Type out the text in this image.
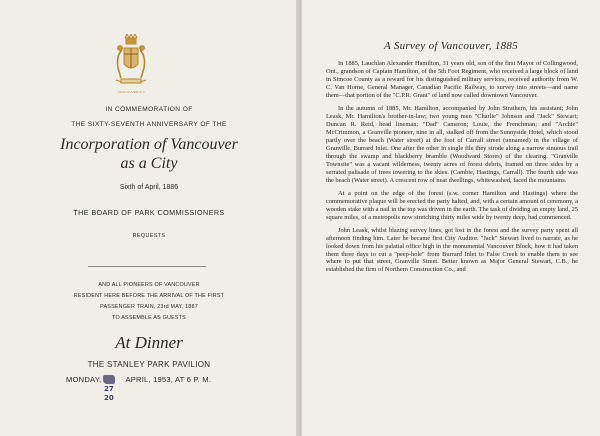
VANCOUVER B.C.
IN COMMEMORATION OF
THE SIXTY-SEVENTH ANNIVERSARY OF THE
Incorporation of Vancouver
as a City
Sixth of April, 1886
THE BOARD OF PARK COMMISSIONERS
REQUESTS
AND ALL PIONEERS OF VANCOUVER
RESIDENT HERE BEFORE THE ARRIVAL OF THE FIRST
PASSENGER TRAIN, 23rd MAY, 1887
TO ASSEMBLE AS GUESTS
At Dinner
THE STANLEY PARK PAVILION
MONDAY,	APRIL, 1953, AT 6 P. M.
27
20
A Survey of Vancouver, 1885

In 1885, Lauchlan Alexander Hamilton, 31 years old, son of the first Mayor of Collingwood, Ont., grandson of Captain Hamilton, of the 5th Foot Regiment, who received a large block of land in Simcoe County as a reward for his distinguished military services, received authority from W. C. Van Horne, General Manager, Canadian Pacific Railway, to survey into streets—and name them—that portion of the "C.P.R. Grant" of land now called downtown Vancouver.

In the autumn of 1885, Mr. Hamilton, accompanied by John Strathern, his assistant; John Leask, Mr. Hamilton's brother-in-law; two young men "Charlie" Johnson and "Jack" Stewart; Duncan R. Reid, head lineman; "Dad" Cameron; Louie, the Frenchman; and "Archie" McCrimmon, a Granville pioneer, nine in all, stalked off from the Sunnyside Hotel, which stood partly over the beach (Water street) at the foot of Carrall street (unnamed) in the village of Granville, Burrard Inlet. One after the other in single file they strode along a narrow sinuous trail through the swamp and blackberry bramble (Woodward Stores) of the clearing. "Granville Townsite" was a vacant wilderness, twenty acres of forest debris, framed on three sides by a serrated palisade of trees towering to the skies. (Cambie, Hastings, Carrall). The fourth side was the beach (Water street). A crescent row of neat dwellings, whitewashed, faced the mountains.

At a point on the edge of the forest (s.w. corner Hamilton and Hastings) where the commemorative plaque will be erected the party halted, and, with a certain amount of ceremony, a wooden stake with a nail in the top was driven in the earth. The task of dividing an empty land, 25 square miles, of a metropolis now stretching thirty miles wide by twenty deep, had commenced.

John Leask, whilst blazing survey lines, got lost in the forest and the survey party spent all afternoon finding him. Later he became first City Auditor. "Jack" Stewart lived to narrate, as he looked down from his palatial office high in the monumental Vancouver Block, how it had taken them three days to cut a "peep-hole" from Burrard Inlet to False Creek to enable them to see where to put that street, Granville Street. Better known as Major General Stewart, C.B., he established the firm of Northern Construction Co., and
